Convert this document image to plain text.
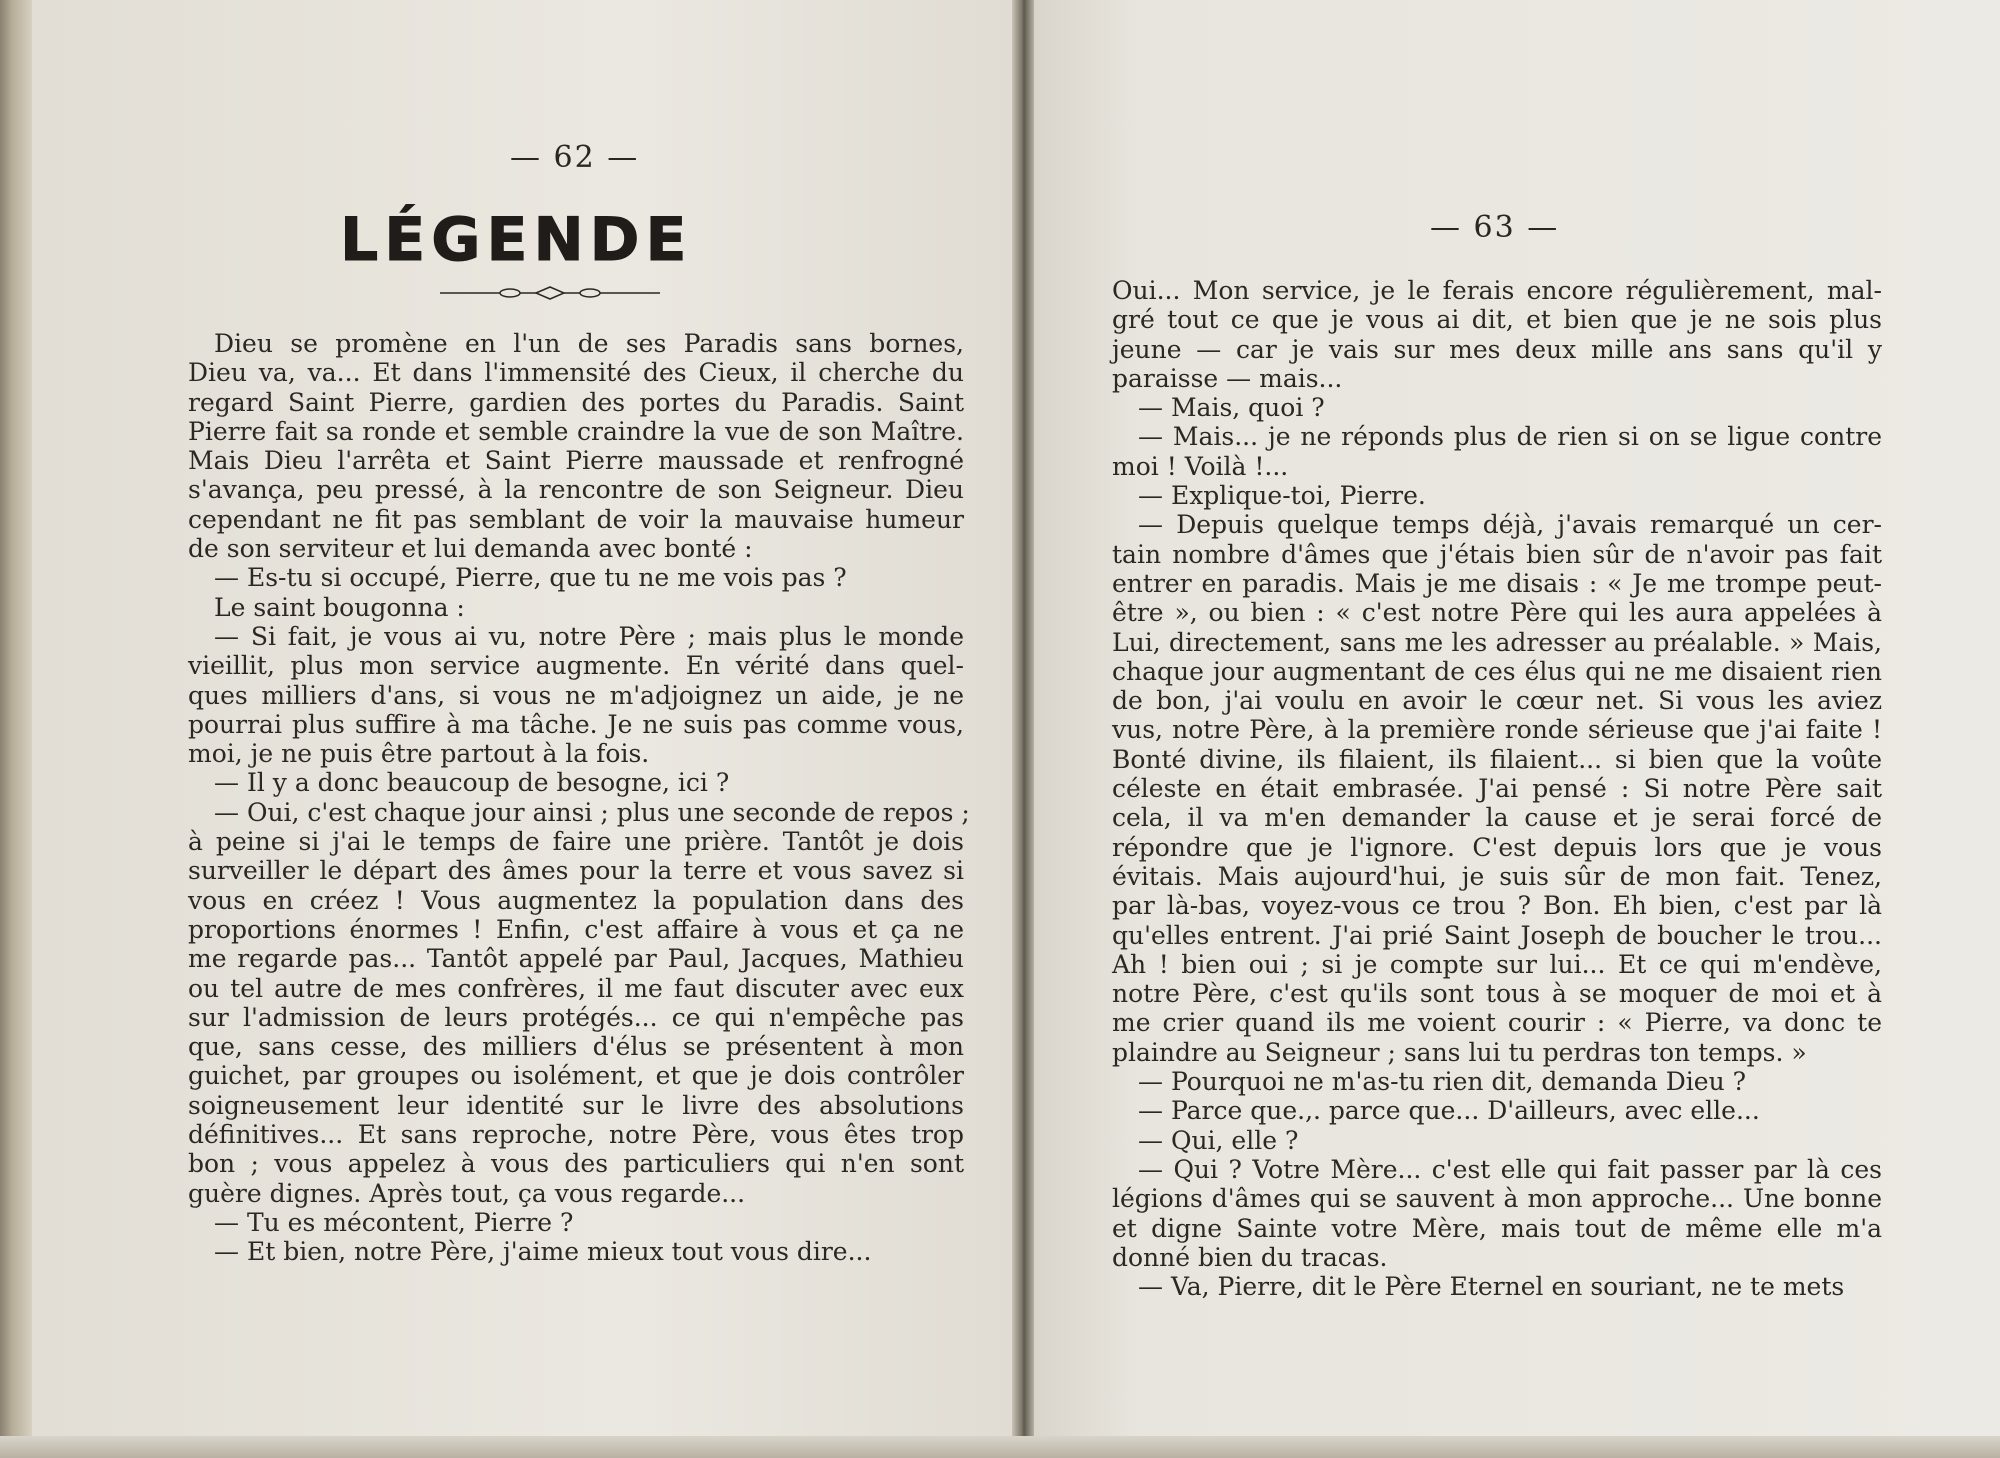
— 62 —
LÉGENDE
Dieu se promène en l'un de ses Paradis sans bornes,
Dieu va, va... Et dans l'immensité des Cieux, il cherche du
regard Saint Pierre, gardien des portes du Paradis. Saint
Pierre fait sa ronde et semble craindre la vue de son Maître.
Mais Dieu l'arrêta et Saint Pierre maussade et renfrogné
s'avança, peu pressé, à la rencontre de son Seigneur. Dieu
cependant ne fit pas semblant de voir la mauvaise humeur
de son serviteur et lui demanda avec bonté :
— Es-tu si occupé, Pierre, que tu ne me vois pas ?
Le saint bougonna :
— Si fait, je vous ai vu, notre Père ; mais plus le monde
vieillit, plus mon service augmente. En vérité dans quel-
ques milliers d'ans, si vous ne m'adjoignez un aide, je ne
pourrai plus suffire à ma tâche. Je ne suis pas comme vous,
moi, je ne puis être partout à la fois.
— Il y a donc beaucoup de besogne, ici ?
— Oui, c'est chaque jour ainsi ; plus une seconde de repos ;
à peine si j'ai le temps de faire une prière. Tantôt je dois
surveiller le départ des âmes pour la terre et vous savez si
vous en créez ! Vous augmentez la population dans des
proportions énormes ! Enfin, c'est affaire à vous et ça ne
me regarde pas... Tantôt appelé par Paul, Jacques, Mathieu
ou tel autre de mes confrères, il me faut discuter avec eux
sur l'admission de leurs protégés... ce qui n'empêche pas
que, sans cesse, des milliers d'élus se présentent à mon
guichet, par groupes ou isolément, et que je dois contrôler
soigneusement leur identité sur le livre des absolutions
définitives... Et sans reproche, notre Père, vous êtes trop
bon ; vous appelez à vous des particuliers qui n'en sont
guère dignes. Après tout, ça vous regarde...
— Tu es mécontent, Pierre ?
— Et bien, notre Père, j'aime mieux tout vous dire...
— 63 —
Oui... Mon service, je le ferais encore régulièrement, mal-
gré tout ce que je vous ai dit, et bien que je ne sois plus
jeune — car je vais sur mes deux mille ans sans qu'il y
paraisse — mais...
— Mais, quoi ?
— Mais... je ne réponds plus de rien si on se ligue contre
moi ! Voilà !...
— Explique-toi, Pierre.
— Depuis quelque temps déjà, j'avais remarqué un cer-
tain nombre d'âmes que j'étais bien sûr de n'avoir pas fait
entrer en paradis. Mais je me disais : « Je me trompe peut-
être », ou bien : « c'est notre Père qui les aura appelées à
Lui, directement, sans me les adresser au préalable. » Mais,
chaque jour augmentant de ces élus qui ne me disaient rien
de bon, j'ai voulu en avoir le cœur net. Si vous les aviez
vus, notre Père, à la première ronde sérieuse que j'ai faite !
Bonté divine, ils filaient, ils filaient... si bien que la voûte
céleste en était embrasée. J'ai pensé : Si notre Père sait
cela, il va m'en demander la cause et je serai forcé de
répondre que je l'ignore. C'est depuis lors que je vous
évitais. Mais aujourd'hui, je suis sûr de mon fait. Tenez,
par là-bas, voyez-vous ce trou ? Bon. Eh bien, c'est par là
qu'elles entrent. J'ai prié Saint Joseph de boucher le trou...
Ah ! bien oui ; si je compte sur lui... Et ce qui m'endève,
notre Père, c'est qu'ils sont tous à se moquer de moi et à
me crier quand ils me voient courir : « Pierre, va donc te
plaindre au Seigneur ; sans lui tu perdras ton temps. »
— Pourquoi ne m'as-tu rien dit, demanda Dieu ?
— Parce que.,. parce que... D'ailleurs, avec elle...
— Qui, elle ?
— Qui ? Votre Mère... c'est elle qui fait passer par là ces
légions d'âmes qui se sauvent à mon approche... Une bonne
et digne Sainte votre Mère, mais tout de même elle m'a
donné bien du tracas.
— Va, Pierre, dit le Père Eternel en souriant, ne te mets
